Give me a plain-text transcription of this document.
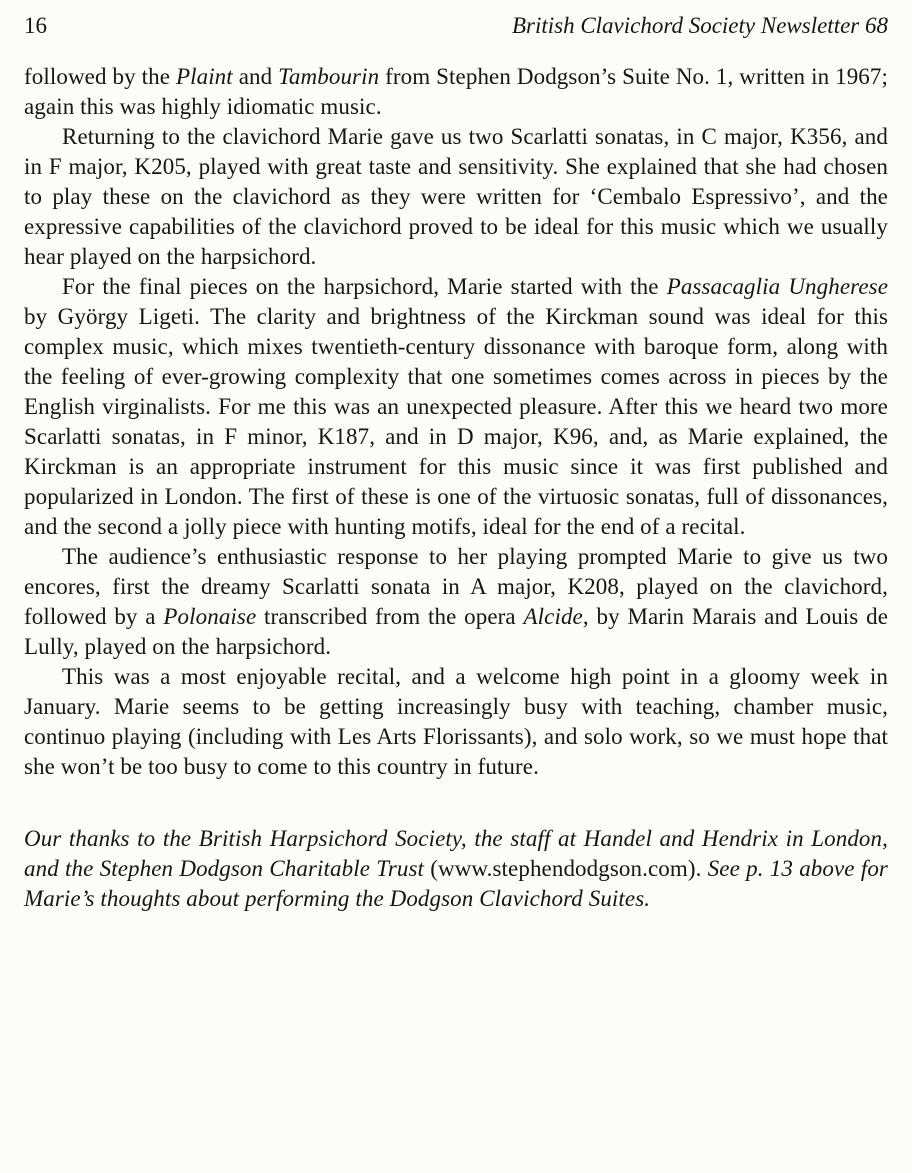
16	British Clavichord Society Newsletter 68

followed by the Plaint and Tambourin from Stephen Dodgson’s Suite No. 1, written in 1967; again this was highly idiomatic music.

Returning to the clavichord Marie gave us two Scarlatti sonatas, in C major, K356, and in F major, K205, played with great taste and sensitivity. She explained that she had chosen to play these on the clavichord as they were written for ‘Cembalo Espressivo’, and the expressive capabilities of the clavichord proved to be ideal for this music which we usually hear played on the harpsichord.

For the final pieces on the harpsichord, Marie started with the Passacaglia Ungherese by György Ligeti. The clarity and brightness of the Kirckman sound was ideal for this complex music, which mixes twentieth-century dissonance with baroque form, along with the feeling of ever-growing complexity that one sometimes comes across in pieces by the English virginalists. For me this was an unexpected pleasure. After this we heard two more Scarlatti sonatas, in F minor, K187, and in D major, K96, and, as Marie explained, the Kirckman is an appropriate instrument for this music since it was first published and popularized in London. The first of these is one of the virtuosic sonatas, full of dissonances, and the second a jolly piece with hunting motifs, ideal for the end of a recital.

The audience’s enthusiastic response to her playing prompted Marie to give us two encores, first the dreamy Scarlatti sonata in A major, K208, played on the clavichord, followed by a Polonaise transcribed from the opera Alcide, by Marin Marais and Louis de Lully, played on the harpsichord.

This was a most enjoyable recital, and a welcome high point in a gloomy week in January. Marie seems to be getting increasingly busy with teaching, chamber music, continuo playing (including with Les Arts Florissants), and solo work, so we must hope that she won’t be too busy to come to this country in future.

Our thanks to the British Harpsichord Society, the staff at Handel and Hendrix in London, and the Stephen Dodgson Charitable Trust (www.stephendodgson.com). See p. 13 above for Marie’s thoughts about performing the Dodgson Clavichord Suites.
